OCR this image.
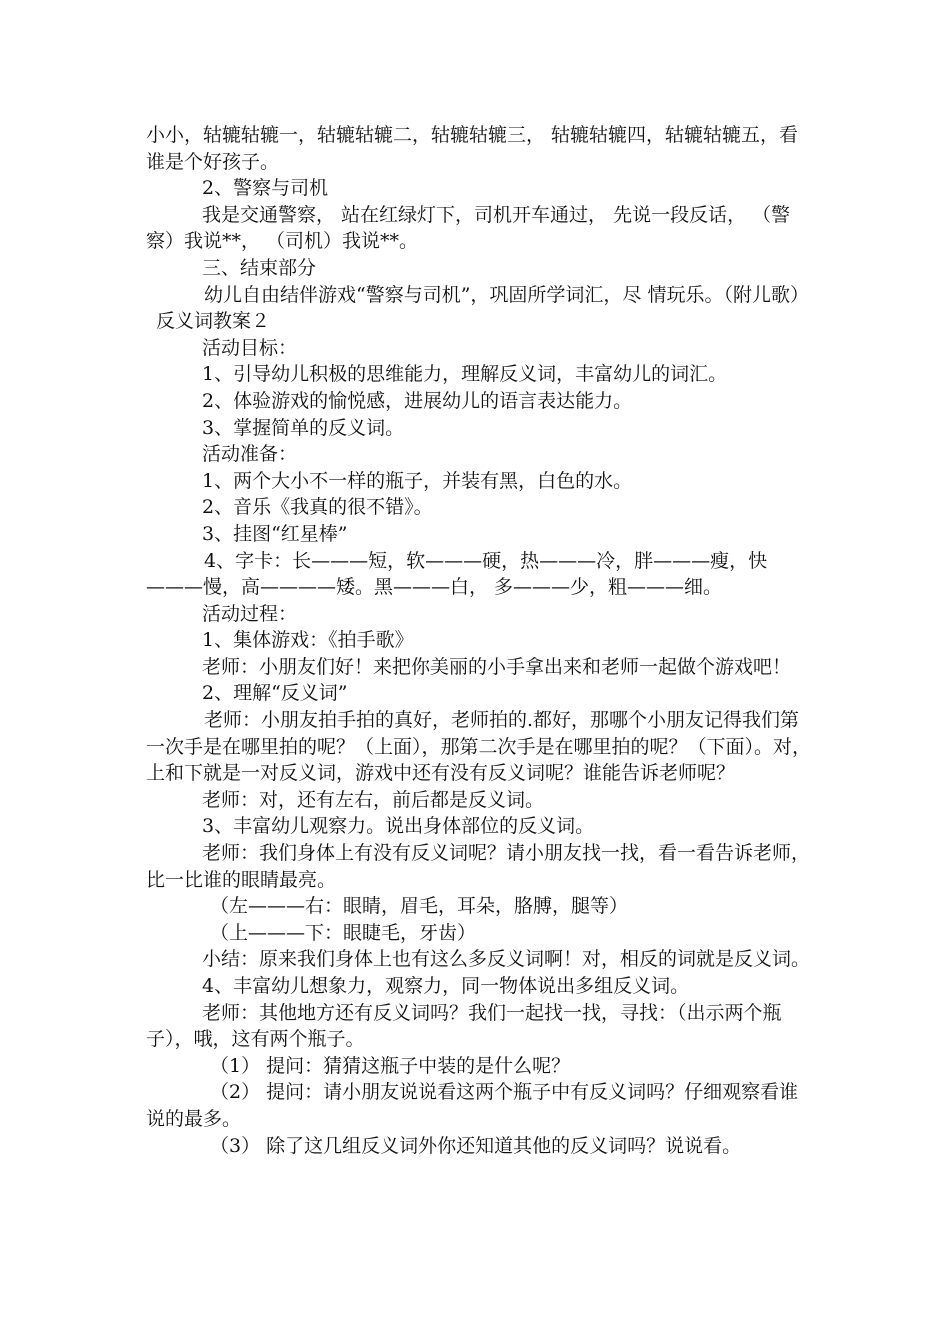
小小，轱辘轱辘一，轱辘轱辘二，轱辘轱辘三， 轱辘轱辘四，轱辘轱辘五，看谁是个好孩子。

2、警察与司机

我是交通警察， 站在红绿灯下，司机开车通过， 先说一段反话， （警察）我说**， （司机）我说**。

三、结束部分

幼儿自由结伴游戏“警察与司机”，巩固所学词汇，尽 情玩乐。（附儿歌）

反义词教案２

活动目标：

1、引导幼儿积极的思维能力，理解反义词，丰富幼儿的词汇。

2、体验游戏的愉悦感，进展幼儿的语言表达能力。

3、掌握简单的反义词。

活动准备：

1、两个大小不一样的瓶子，并装有黑，白色的水。

2、音乐《我真的很不错》。

3、挂图“红星棒”

4、字卡：长———短，软———硬，热———冷，胖———瘦，快———慢，高————矮。黑———白， 多———少，粗———细。

活动过程：

1、集体游戏：《拍手歌》

老师：小朋友们好！来把你美丽的小手拿出来和老师一起做个游戏吧！

2、理解“反义词”

老师：小朋友拍手拍的真好，老师拍的.都好，那哪个小朋友记得我们第一次手是在哪里拍的呢？（上面），那第二次手是在哪里拍的呢？（下面）。对，上和下就是一对反义词，游戏中还有没有反义词呢？谁能告诉老师呢？

老师：对，还有左右，前后都是反义词。

3、丰富幼儿观察力。说出身体部位的反义词。

老师：我们身体上有没有反义词呢？请小朋友找一找，看一看告诉老师，比一比谁的眼睛最亮。

（左———右：眼睛，眉毛，耳朵，胳膊，腿等）

（上———下：眼睫毛，牙齿）

小结：原来我们身体上也有这么多反义词啊！对，相反的词就是反义词。

4、丰富幼儿想象力，观察力，同一物体说出多组反义词。

老师：其他地方还有反义词吗？我们一起找一找，寻找：（出示两个瓶子），哦，这有两个瓶子。

（1） 提问：猜猜这瓶子中装的是什么呢？

（2） 提问：请小朋友说说看这两个瓶子中有反义词吗？仔细观察看谁说的最多。

（3） 除了这几组反义词外你还知道其他的反义词吗？说说看。
